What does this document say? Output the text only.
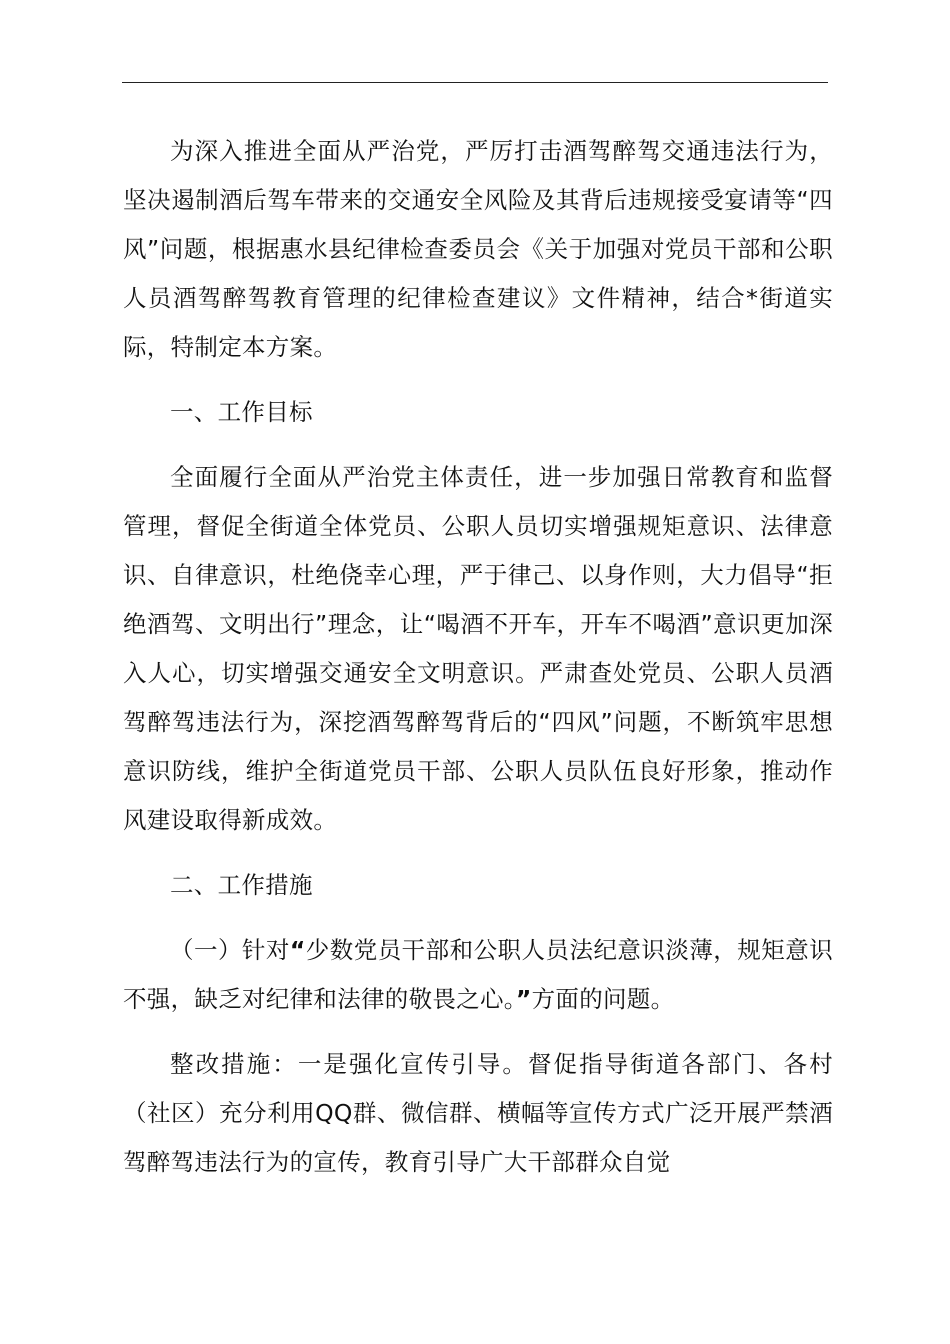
为深入推进全面从严治党，严厉打击酒驾醉驾交通违法行为，坚决遏制酒后驾车带来的交通安全风险及其背后违规接受宴请等“四风”问题，根据惠水县纪律检查委员会《关于加强对党员干部和公职人员酒驾醉驾教育管理的纪律检查建议》文件精神，结合*街道实际，特制定本方案。

一、工作目标

全面履行全面从严治党主体责任，进一步加强日常教育和监督管理，督促全街道全体党员、公职人员切实增强规矩意识、法律意识、自律意识，杜绝侥幸心理，严于律己、以身作则，大力倡导“拒绝酒驾、文明出行”理念，让“喝酒不开车，开车不喝酒”意识更加深入人心，切实增强交通安全文明意识。严肃查处党员、公职人员酒驾醉驾违法行为，深挖酒驾醉驾背后的“四风”问题，不断筑牢思想意识防线，维护全街道党员干部、公职人员队伍良好形象，推动作风建设取得新成效。

二、工作措施

（一）针对“少数党员干部和公职人员法纪意识淡薄，规矩意识不强，缺乏对纪律和法律的敬畏之心。”方面的问题。

整改措施：一是强化宣传引导。督促指导街道各部门、各村（社区）充分利用QQ群、微信群、横幅等宣传方式广泛开展严禁酒驾醉驾违法行为的宣传，教育引导广大干部群众自觉
